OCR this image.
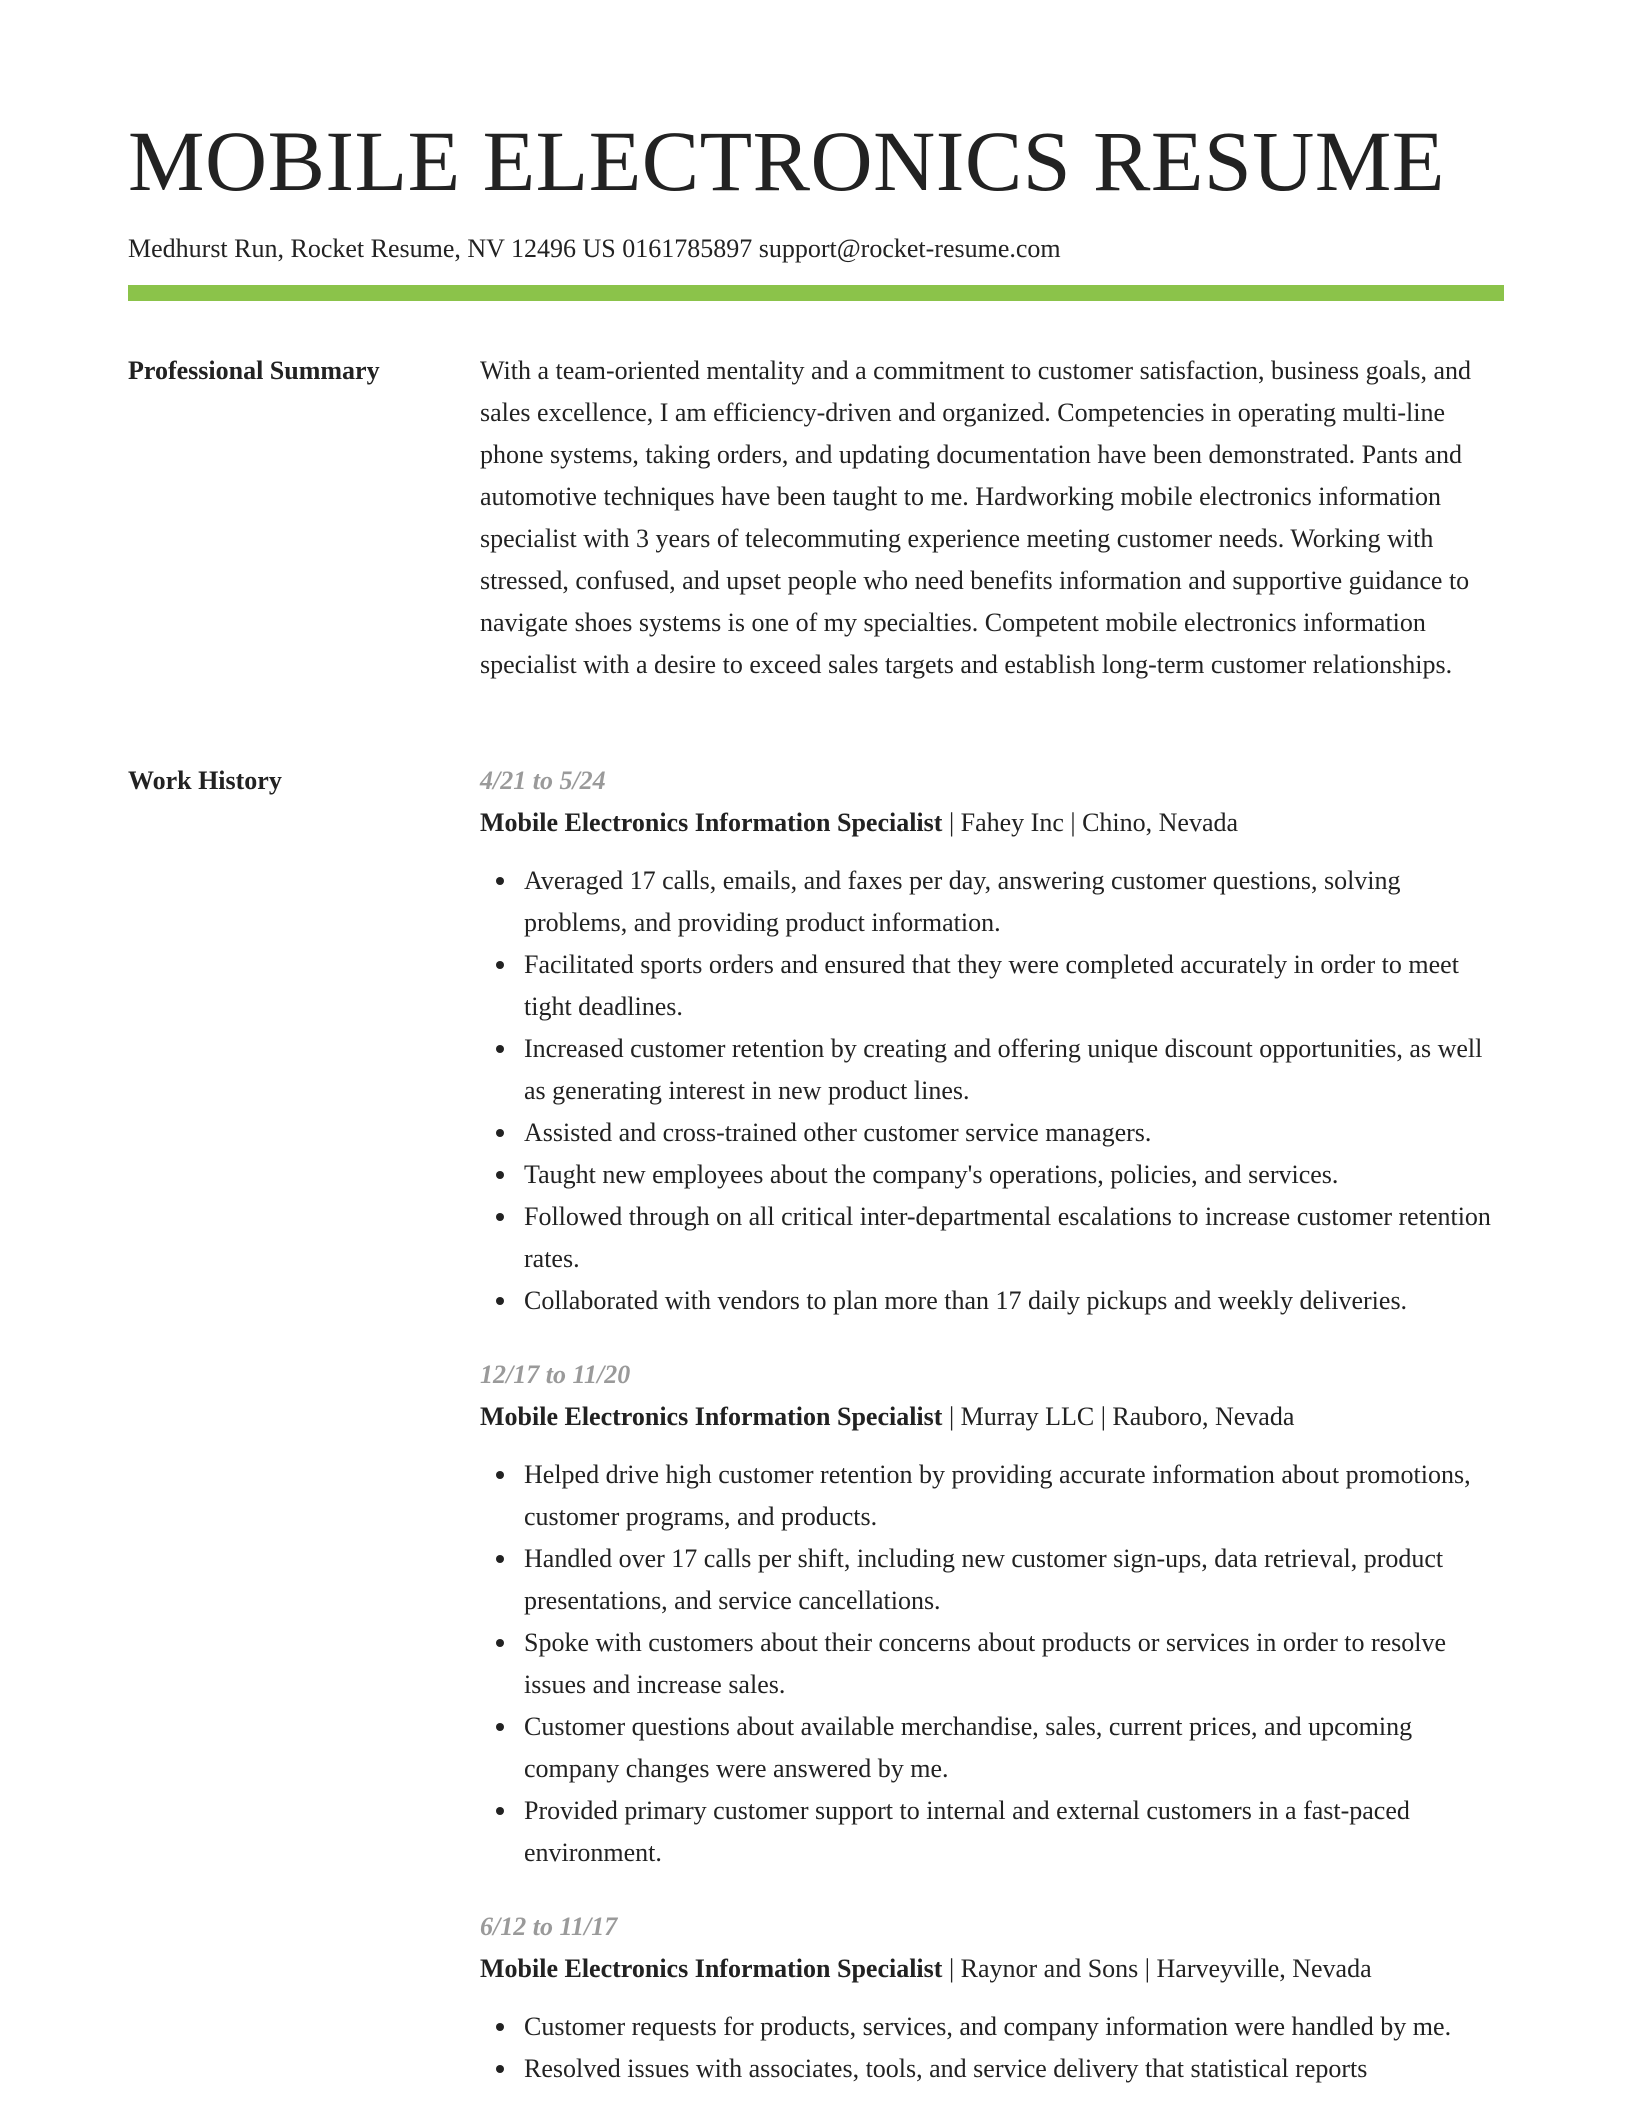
MOBILE ELECTRONICS RESUME
Medhurst Run, Rocket Resume, NV 12496 US 0161785897 support@rocket-resume.com
Professional Summary	With a team-oriented mentality and a commitment to customer satisfaction, business goals, and sales excellence, I am efficiency-driven and organized. Competencies in operating multi-line phone systems, taking orders, and updating documentation have been demonstrated. Pants and automotive techniques have been taught to me. Hardworking mobile electronics information specialist with 3 years of telecommuting experience meeting customer needs. Working with stressed, confused, and upset people who need benefits information and supportive guidance to navigate shoes systems is one of my specialties. Competent mobile electronics information specialist with a desire to exceed sales targets and establish long-term customer relationships.

Work History	4/21 to 5/24
Mobile Electronics Information Specialist | Fahey Inc | Chino, Nevada
Averaged 17 calls, emails, and faxes per day, answering customer questions, solving problems, and providing product information.
Facilitated sports orders and ensured that they were completed accurately in order to meet tight deadlines.
Increased customer retention by creating and offering unique discount opportunities, as well as generating interest in new product lines.
Assisted and cross-trained other customer service managers.
Taught new employees about the company's operations, policies, and services.
Followed through on all critical inter-departmental escalations to increase customer retention rates.
Collaborated with vendors to plan more than 17 daily pickups and weekly deliveries.
12/17 to 11/20
Mobile Electronics Information Specialist | Murray LLC | Rauboro, Nevada
Helped drive high customer retention by providing accurate information about promotions, customer programs, and products.
Handled over 17 calls per shift, including new customer sign-ups, data retrieval, product presentations, and service cancellations.
Spoke with customers about their concerns about products or services in order to resolve issues and increase sales.
Customer questions about available merchandise, sales, current prices, and upcoming company changes were answered by me.
Provided primary customer support to internal and external customers in a fast-paced environment.
6/12 to 11/17
Mobile Electronics Information Specialist | Raynor and Sons | Harveyville, Nevada
Customer requests for products, services, and company information were handled by me.
Resolved issues with associates, tools, and service delivery that statistical reports
